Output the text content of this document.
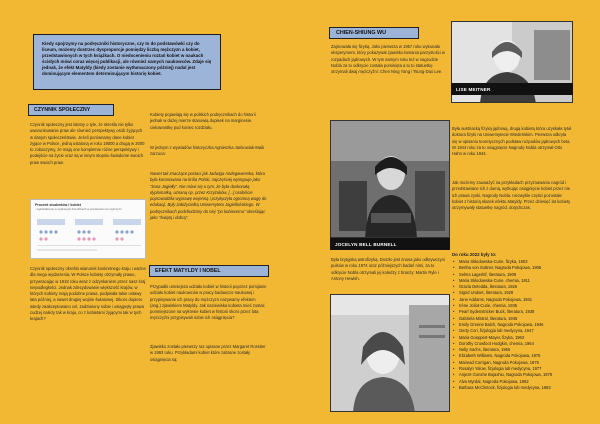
Kiedy spojrzymy na podręczniki historyczne, czy to do podstawówki czy do liceum, możemy dostrzec dysproporcje pomiędzy liczbą mężczyzn a kobiet, przedstawionych w tych książkach. O niedocenieniu roztań kobiet w naukach ścisłych mówi coraz więcej publikacji, ale również samych naukowców. Zdaje się jednak, że efekt Matyldy (kiedy zostanie wytłumaczony później) nadal jest dominującym elementem determinującym historię kobiet.

CZYNNIK SPOŁECZNY

Czynnik społeczny jest istotny o tyle, że skreśla nie tylko uwarunkowanie praw ale również perspektywy osób żyjących w danym społeczeństwie. Jeżeli porównamy dane kobiet żyjące w Polsce, jedną ustaloną w roku 19000 a drugą w 2000 to zobaczymy, że mają one kompletnie różne perspektywy i podejście na życie oraz są w innym stopniu świadome swoich praw swoich praw.

Procent studentów i kobiet
- wykształcenie w wybranych dziedzinach w porównaniu do mężczyzn

Czynnik społeczny określa wiarunek konkretnego kraju i ważne dla mego wydarzenia. W Polsce kobiety otrzymały prawo, przywracając w 1918 roku wraz z odzyskaniem przez nasz kraj niepodległości. Jednak zdecydowanie większość krajów, w których kobiety mają podobne prawa, podpisała takie ustawy lata później, a nawet drugiej wojnie światowej. Sikoro dopiero wtedy zaakceptowano cel, zadziwiony sobie i osiągnęły prawa cudzej należy tak w kraju, co z kobietami żyjącymi tak w tych krajach?

Kobiety pojawiają się w polskich podręcznikach do historii jednak w dużej mierze stanowią dopisek na marginesie, ciekawostkę pod koniec rozdziału.

W jednym z wywiadów historyczka Agnieszka Jankowiak-Maik zarzuca:

Nawet tak znaczące postaci jak Jadwiga Andegawenska, która była koronowana na króla Polski, najczęściej występuje jako "żona Jagiełły". Nie mówi się o tym, że była doskonałą dyplomatką, uznaną np. przez Krzyżaków, [...] osobiście poprowadziła wyprawę wojenną i przyłączyła ogromną wagę do edukacji. Były założycielką Uniwersytetu Jagiellońskiego. W podręcznikach podchodzimy do niej "po kobiecemu" określając jako "świętą i dobrą".

EFEKT MATYLDY I NOBEL

Przypadki umniejsza udziału kobiet w historii poprzez pomijanie udziału kobiet naukowców w pracy badawczo-naukowej i przypisywanie ich pracy do mężczyzn nazywamy efektem (ang.) zjawiskiem Matyldy. Jak naziewiska kobieta mieć zostać pomniejszone na wykresie kobiet w historii skoro przez lata mężczyźni przypisywali sobie ich osiągnięcia?

Zjawisko zostało pierwszy raz opisane przez Margaret Rossiter w 1993 roku. Przykładami kobiet które zabrane zostały osiągnięcia są:

CHIEN-SHIUNG WU

Zajmowała się fizyką. Jako pierwsza w 1957 roku wykonała eksperyment, który pokazywał zjawisko łamania parzystości w rozpadach jądrowych. W tym samym roku też w nagrodzie Nobla za to odkrycie została pominięta a to to statuetkę otrzymali dwaj mężczyźni: Chen Ning Yang i Tsung-Dao Lee.

JOCELYN BELL BURNELL

Była brytyjską astrofizyką. Doszło jest znana jako odkrywczyni pulsów w roku 1974 oraz późniejszych badań nimi, za to odkrycie Nobla otrzymali jej koledzy z branży: Martin Ryle i Antony Hewish.

LISE MEITNER

Była austriacką fizyką jądrową, drugą kobietą która uzyskała tytuł doktora fizyki na Uniwersytecie Wiedeńskim. Pierwsza odkryła się w opisaniu teoretycznych podstaw rozpadów jądrowych beta. W 1944 roku za to osiągnięcie Nagrodę Nobla otrzymał Otto Hahn w roku 1944.

Jak możemy zauważyć na przykładach przyznawaniu nagród i przedstawiane ich z dumą, wytkując osiągnięcie kobiet przez nie ich prawa zyski, Nagrody Nobla. niezwykle części pozostałe kobiet z historią skutek efektu Matyldy. Przez dziesięć lat kobiety otrzymywały statuetkę nagród. dotychczas.

Do roku 2022 były to:

• Maria Skłodowska-Curie, fizyka, 1903
• Bertha von Suttner, Nagroda Pokojowa, 1905
• Selma Lagerlöf, literatura, 1909
• Maria Skłodowska-Curie, chemia, 1911
• Grazia Deledda, literatura, 1926
• Sigrid Undset, literatura, 1928
• Jane Addams, Nagroda Pokojowa, 1931
• Irène Joliot-Curie, chemia, 1935
• Pearl Sydenstricker Buck, literatura, 1938
• Gabriela Mistral, literatura, 1945
• Emily Greene Balch, Nagroda Pokojowa, 1946
• Gerty Cori, fizjologia lub medycyna, 1947
• Maria Goeppert-Mayer, fizyka, 1963
• Dorothy Crowfoot Hodgkin, chemia, 1964
• Nelly Sachs, literatura, 1966
• Elizabeth Williams, Nagroda Pokojowa, 1976
• Mairead Corrigan, Nagroda Pokojowa, 1976
• Rosalyn Yalow, fizjologia lub medycyna, 1977
• Anjezë Gonxhe Bojaxhiu, Nagroda Pokojowa, 1979
• Alva Myrdal, Nagroda Pokojowa, 1982
• Barbara McClintock, fizjologia lub medycyna, 1983
